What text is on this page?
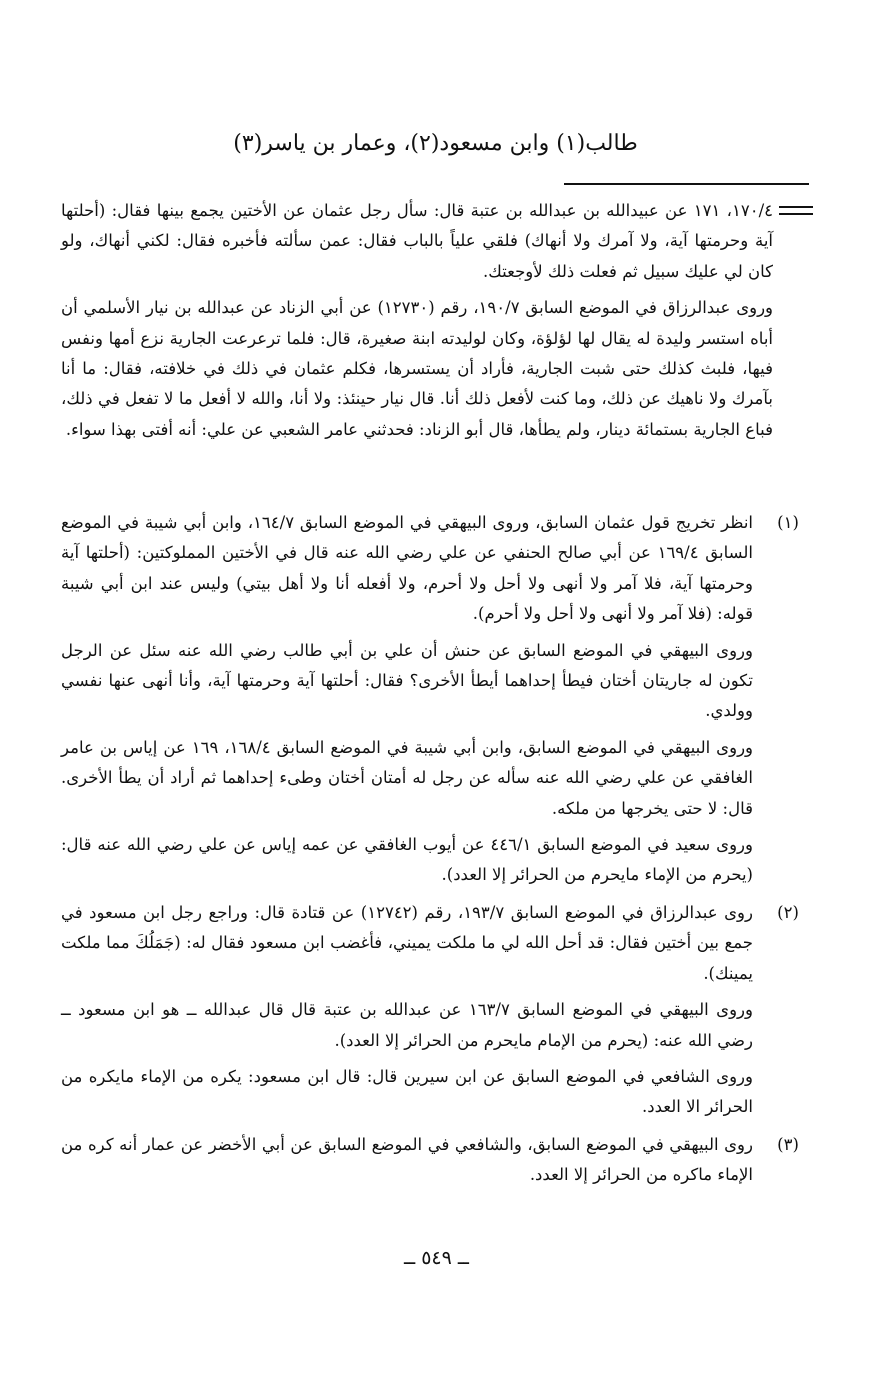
طالب(١) وابن مسعود(٢)، وعمار بن ياسر(٣)

١٧٠/٤، ١٧١ عن عبيدالله بن عبدالله بن عتبة قال: سأل رجل عثمان عن الأختين يجمع بينها فقال: (أحلتها آية وحرمتها آية، ولا آمرك ولا أنهاك) فلقي علياً بالباب فقال: عمن سألته فأخبره فقال: لكني أنهاك، ولو كان لي عليك سبيل ثم فعلت ذلك لأوجعتك.

وروى عبدالرزاق في الموضع السابق ١٩٠/٧، رقم (١٢٧٣٠) عن أبي الزناد عن عبدالله بن نيار الأسلمي أن أباه استسر وليدة له يقال لها لؤلؤة، وكان لوليدته ابنة صغيرة، قال: فلما ترعرعت الجارية نزع أمها ونفس فيها، فلبث كذلك حتى شبت الجارية، فأراد أن يستسرها، فكلم عثمان في ذلك في خلافته، فقال: ما أنا بآمرك ولا ناهيك عن ذلك، وما كنت لأفعل ذلك أنا. قال نيار حينئذ: ولا أنا، والله لا أفعل ما لا تفعل في ذلك، فباع الجارية بستمائة دينار، ولم يطأها، قال أبو الزناد: فحدثني عامر الشعبي عن علي: أنه أفتى بهذا سواء.

(١)

انظر تخريج قول عثمان السابق، وروى البيهقي في الموضع السابق ١٦٤/٧، وابن أبي شيبة في الموضع السابق ١٦٩/٤ عن أبي صالح الحنفي عن علي رضي الله عنه قال في الأختين المملوكتين: (أحلتها آية وحرمتها آية، فلا آمر ولا أنهى ولا أحل ولا أحرم، ولا أفعله أنا ولا أهل بيتي) وليس عند ابن أبي شيبة قوله: (فلا آمر ولا أنهى ولا أحل ولا أحرم).

وروى البيهقي في الموضع السابق عن حنش أن علي بن أبي طالب رضي الله عنه سئل عن الرجل تكون له جاريتان أختان فيطأ إحداهما أيطأ الأخرى؟ فقال: أحلتها آية وحرمتها آية، وأنا أنهى عنها نفسي وولدي.

وروى البيهقي في الموضع السابق، وابن أبي شيبة في الموضع السابق ١٦٨/٤، ١٦٩ عن إياس بن عامر الغافقي عن علي رضي الله عنه سأله عن رجل له أمتان أختان وطىء إحداهما ثم أراد أن يطأ الأخرى. قال: لا حتى يخرجها من ملكه.

وروى سعيد في الموضع السابق ٤٤٦/١ عن أيوب الغافقي عن عمه إياس عن علي رضي الله عنه قال: (يحرم من الإماء مايحرم من الحرائر إلا العدد).

(٢)

روى عبدالرزاق في الموضع السابق ١٩٣/٧، رقم (١٢٧٤٢) عن قتادة قال: وراجع رجل ابن مسعود في جمع بين أختين فقال: قد أحل الله لي ما ملكت يميني، فأغضب ابن مسعود فقال له: (جَمَلُكَ مما ملكت يمينك).

وروى البيهقي في الموضع السابق ١٦٣/٧ عن عبدالله بن عتبة قال قال عبدالله ــ هو ابن مسعود ــ رضي الله عنه: (يحرم من الإمام مايحرم من الحرائر إلا العدد).

وروى الشافعي في الموضع السابق عن ابن سيرين قال: قال ابن مسعود: يكره من الإماء مايكره من الحرائر الا العدد.

(٣)

روى البيهقي في الموضع السابق، والشافعي في الموضع السابق عن أبي الأخضر عن عمار أنه كره من الإماء ماكره من الحرائر إلا العدد.

ــ ٥٤٩ ــ
